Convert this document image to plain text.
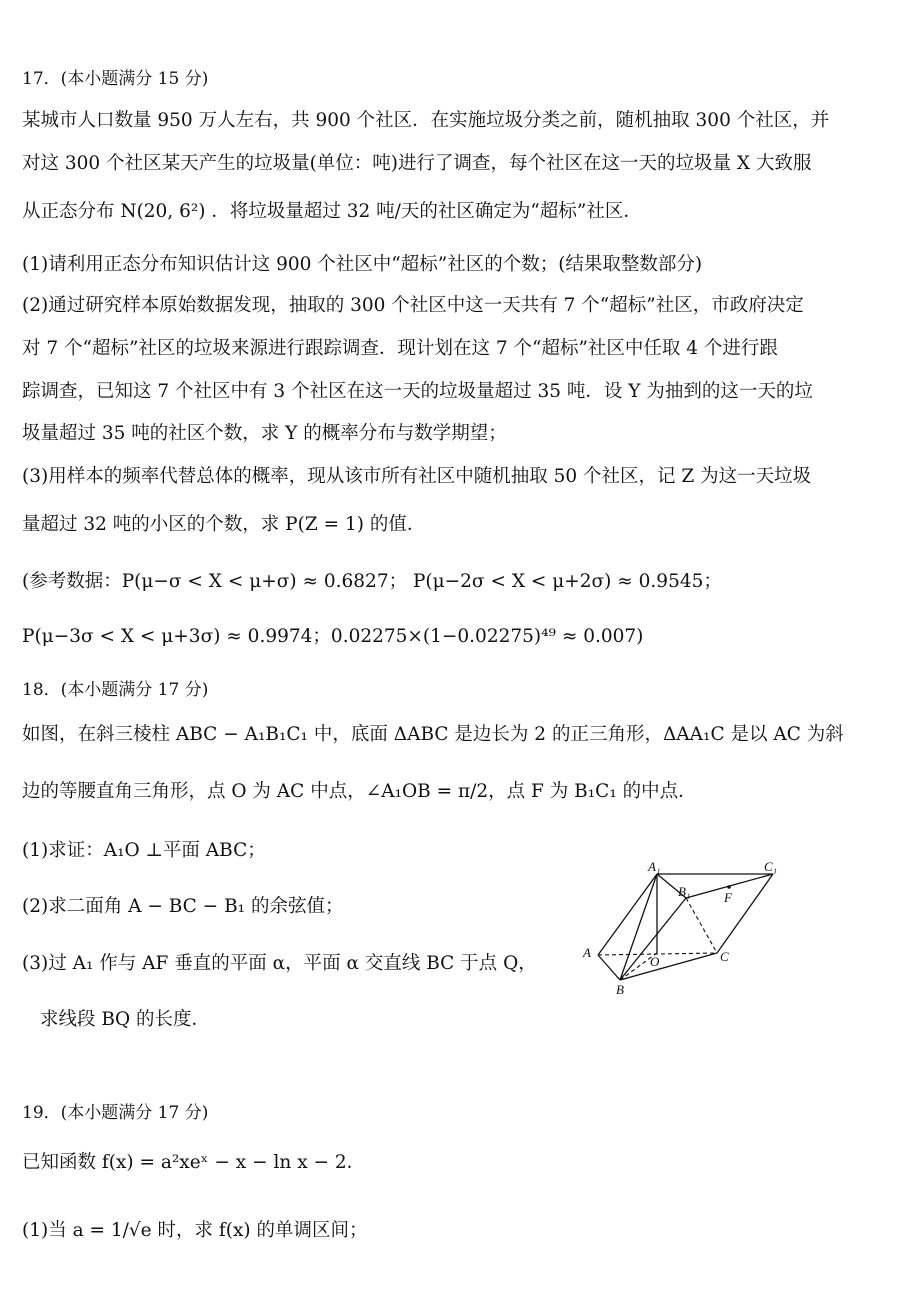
17．(本小题满分 15 分)
某城市人口数量 950 万人左右，共 900 个社区．在实施垃圾分类之前，随机抽取 300 个社区，并
对这 300 个社区某天产生的垃圾量(单位：吨)进行了调查，每个社区在这一天的垃圾量 X 大致服
从正态分布 N(20, 6²) ．将垃圾量超过 32 吨/天的社区确定为“超标”社区．
(1)请利用正态分布知识估计这 900 个社区中“超标”社区的个数；(结果取整数部分)
(2)通过研究样本原始数据发现，抽取的 300 个社区中这一天共有 7 个“超标”社区，市政府决定
对 7 个“超标”社区的垃圾来源进行跟踪调查．现计划在这 7 个“超标”社区中任取 4 个进行跟
踪调查，已知这 7 个社区中有 3 个社区在这一天的垃圾量超过 35 吨．设 Y 为抽到的这一天的垃
圾量超过 35 吨的社区个数，求 Y 的概率分布与数学期望；
(3)用样本的频率代替总体的概率，现从该市所有社区中随机抽取 50 个社区，记 Z 为这一天垃圾
量超过 32 吨的小区的个数，求 P(Z = 1) 的值．
(参考数据：P(μ−σ < X < μ+σ) ≈ 0.6827； P(μ−2σ < X < μ+2σ) ≈ 0.9545；
P(μ−3σ < X < μ+3σ) ≈ 0.9974；0.02275×(1−0.02275)⁴⁹ ≈ 0.007)
18．(本小题满分 17 分)
如图，在斜三棱柱 ABC − A₁B₁C₁ 中，底面 ΔABC 是边长为 2 的正三角形，ΔAA₁C 是以 AC 为斜
边的等腰直角三角形，点 O 为 AC 中点，∠A₁OB = π/2，点 F 为 B₁C₁ 的中点．
(1)求证：A₁O ⊥平面 ABC；
(2)求二面角 A − BC − B₁ 的余弦值；
(3)过 A₁ 作与 AF 垂直的平面 α，平面 α 交直线 BC 于点 Q，
求线段 BQ 的长度．
A₁	C₁
B₁	F
A
O	C
B
19．(本小题满分 17 分)
已知函数 f(x) = a²xeˣ − x − ln x − 2．
(1)当 a = 1/√e 时，求 f(x) 的单调区间；
